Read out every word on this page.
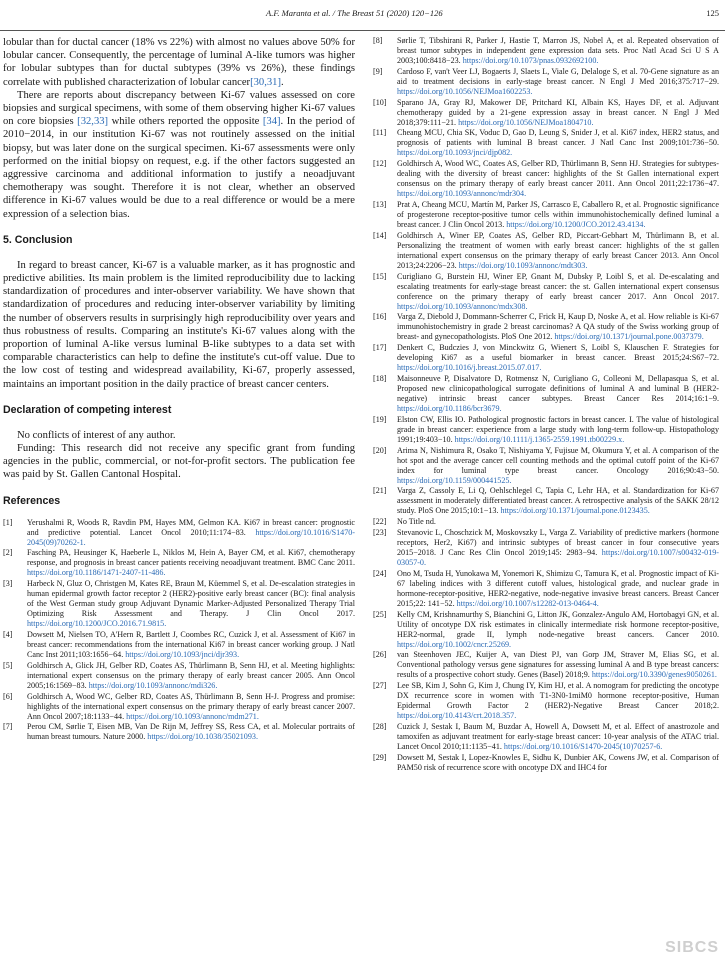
A.F. Maranta et al. / The Breast 51 (2020) 120−126	125

lobular than for ductal cancer (18% vs 22%) with almost no values above 50% for lobular cancer. Consequently, the percentage of luminal A-like tumors was higher for lobular subtypes than for ductal subtypes (39% vs 26%), these findings correlate with published characterization of lobular cancer[30,31].

There are reports about discrepancy between Ki-67 values assessed on core biopsies and surgical specimens, with some of them observing higher Ki-67 values on core biopsies [32,33] while others reported the opposite [34]. In the period of 2010−2014, in our institution Ki-67 was not routinely assessed on the initial biopsy, but was later done on the surgical specimen. Ki-67 assessments were only performed on the initial biopsy on request, e.g. if the other factors suggested an aggressive carcinoma and additional information to justify a neoadjuvant chemotherapy was sought. Therefore it is not clear, whether an observed difference in Ki-67 values would be due to a real difference or would be a mere expression of a selection bias.

5. Conclusion

In regard to breast cancer, Ki-67 is a valuable marker, as it has prognostic and predictive abilities. Its main problem is the limited reproducibility due to lacking standardization of procedures and inter-observer variability. We have shown that standardization of procedures and reducing inter-observer variability by limiting the number of observers results in surprisingly high reproducibility over years and thus robustness of results. Comparing an institute's Ki-67 values along with the proportion of luminal A-like versus luminal B-like subtypes to a data set with comparable characteristics can help to define the institute's cut-off value. Due to the low cost of testing and widespread availability, Ki-67, properly assessed, maintains an important position in the daily practice of breast cancer centers.

Declaration of competing interest

No conflicts of interest of any author.

Funding: This research did not receive any specific grant from funding agencies in the public, commercial, or not-for-profit sectors. The publication fee was paid by St. Gallen Cantonal Hospital.

References

[1]	Yerushalmi R, Woods R, Ravdin PM, Hayes MM, Gelmon KA. Ki67 in breast cancer: prognostic and predictive potential. Lancet Oncol 2010;11:174−83. https://doi.org/10.1016/S1470-2045(09)70262-1.
[2]	Fasching PA, Heusinger K, Haeberle L, Niklos M, Hein A, Bayer CM, et al. Ki67, chemotherapy response, and prognosis in breast cancer patients receiving neoadjuvant treatment. BMC Canc 2011. https://doi.org/10.1186/1471-2407-11-486.
[3]	Harbeck N, Gluz O, Christgen M, Kates RE, Braun M, Küemmel S, et al. De-escalation strategies in human epidermal growth factor receptor 2 (HER2)-positive early breast cancer (BC): final analysis of the West German study group Adjuvant Dynamic Marker-Adjusted Personalized Therapy Trial Optimizing Risk Assessment and Therapy. J Clin Oncol 2017. https://doi.org/10.1200/JCO.2016.71.9815.
[4]	Dowsett M, Nielsen TO, A'Hern R, Bartlett J, Coombes RC, Cuzick J, et al. Assessment of Ki67 in breast cancer: recommendations from the international Ki67 in breast cancer working group. J Natl Canc Inst 2011;103:1656−64. https://doi.org/10.1093/jnci/djr393.
[5]	Goldhirsch A, Glick JH, Gelber RD, Coates AS, Thürlimann B, Senn HJ, et al. Meeting highlights: international expert consensus on the primary therapy of early breast cancer 2005. Ann Oncol 2005;16:1569−83. https://doi.org/10.1093/annonc/mdi326.
[6]	Goldhirsch A, Wood WC, Gelber RD, Coates AS, Thürlimann B, Senn H-J. Progress and promise: highlights of the international expert consensus on the primary therapy of early breast cancer 2007. Ann Oncol 2007;18:1133−44. https://doi.org/10.1093/annonc/mdm271.
[7]	Perou CM, Sørlie T, Eisen MB, Van De Rijn M, Jeffrey SS, Ress CA, et al. Molecular portraits of human breast tumours. Nature 2000. https://doi.org/10.1038/35021093.
[8]	Sørlie T, Tibshirani R, Parker J, Hastie T, Marron JS, Nobel A, et al. Repeated observation of breast tumor subtypes in independent gene expression data sets. Proc Natl Acad Sci U S A 2003;100:8418−23. https://doi.org/10.1073/pnas.0932692100.
[9]	Cardoso F, van't Veer LJ, Bogaerts J, Slaets L, Viale G, Delaloge S, et al. 70-Gene signature as an aid to treatment decisions in early-stage breast cancer. N Engl J Med 2016;375:717−29. https://doi.org/10.1056/NEJMoa1602253.
[10]	Sparano JA, Gray RJ, Makower DF, Pritchard KI, Albain KS, Hayes DF, et al. Adjuvant chemotherapy guided by a 21-gene expression assay in breast cancer. N Engl J Med 2018;379:111−21. https://doi.org/10.1056/NEJMoa1804710.
[11]	Cheang MCU, Chia SK, Voduc D, Gao D, Leung S, Snider J, et al. Ki67 index, HER2 status, and prognosis of patients with luminal B breast cancer. J Natl Canc Inst 2009;101:736−50. https://doi.org/10.1093/jnci/djp082.
[12]	Goldhirsch A, Wood WC, Coates AS, Gelber RD, Thürlimann B, Senn HJ. Strategies for subtypes-dealing with the diversity of breast cancer: highlights of the St Gallen international expert consensus on the primary therapy of early breast cancer 2011. Ann Oncol 2011;22:1736−47. https://doi.org/10.1093/annonc/mdr304.
[13]	Prat A, Cheang MCU, Martín M, Parker JS, Carrasco E, Caballero R, et al. Prognostic significance of progesterone receptor-positive tumor cells within immunohistochemically defined luminal a breast cancer. J Clin Oncol 2013. https://doi.org/10.1200/JCO.2012.43.4134.
[14]	Goldhirsch A, Winer EP, Coates AS, Gelber RD, Piccart-Gebhart M, Thürlimann B, et al. Personalizing the treatment of women with early breast cancer: highlights of the st gallen international expert consensus on the primary therapy of early breast Cancer 2013. Ann Oncol 2013;24:2206−23. https://doi.org/10.1093/annonc/mdt303.
[15]	Curigliano G, Burstein HJ, Winer EP, Gnant M, Dubsky P, Loibl S, et al. De-escalating and escalating treatments for early-stage breast cancer: the st. Gallen international expert consensus conference on the primary therapy of early breast cancer 2017. Ann Oncol 2017. https://doi.org/10.1093/annonc/mdx308.
[16]	Varga Z, Diebold J, Dommann-Scherrer C, Frick H, Kaup D, Noske A, et al. How reliable is Ki-67 immunohistochemistry in grade 2 breast carcinomas? A QA study of the Swiss working group of breast- and gynecopathologists. PloS One 2012. https://doi.org/10.1371/journal.pone.0037379.
[17]	Denkert C, Budczies J, von Minckwitz G, Wienert S, Loibl S, Klauschen F. Strategies for developing Ki67 as a useful biomarker in breast cancer. Breast 2015;24:S67−72. https://doi.org/10.1016/j.breast.2015.07.017.
[18]	Maisonneuve P, Disalvatore D, Rotmensz N, Curigliano G, Colleoni M, Dellapasqua S, et al. Proposed new clinicopathological surrogate definitions of luminal A and luminal B (HER2-negative) intrinsic breast cancer subtypes. Breast Cancer Res 2014;16:1−9. https://doi.org/10.1186/bcr3679.
[19]	Elston CW, Ellis IO. Pathological prognostic factors in breast cancer. I. The value of histological grade in breast cancer: experience from a large study with long-term follow-up. Histopathology 1991;19:403−10. https://doi.org/10.1111/j.1365-2559.1991.tb00229.x.
[20]	Arima N, Nishimura R, Osako T, Nishiyama Y, Fujisue M, Okumura Y, et al. A comparison of the hot spot and the average cancer cell counting methods and the optimal cutoff point of the Ki-67 index for luminal type breast cancer. Oncology 2016;90:43−50. https://doi.org/10.1159/000441525.
[21]	Varga Z, Cassoly E, Li Q, Oehlschlegel C, Tapia C, Lehr HA, et al. Standardization for Ki-67 assessment in moderately differentiated breast cancer. A retrospective analysis of the SAKK 28/12 study. PloS One 2015;10:1−13. https://doi.org/10.1371/journal.pone.0123435.
[22]	No Title nd.
[23]	Stevanovic L, Choschzick M, Moskovszky L, Varga Z. Variability of predictive markers (hormone receptors, Her2, Ki67) and intrinsic subtypes of breast cancer in four consecutive years 2015−2018. J Canc Res Clin Oncol 2019;145: 2983−94. https://doi.org/10.1007/s00432-019-03057-0.
[24]	Ono M, Tsuda H, Yunokawa M, Yonemori K, Shimizu C, Tamura K, et al. Prognostic impact of Ki-67 labeling indices with 3 different cutoff values, histological grade, and nuclear grade in hormone-receptor-positive, HER2-negative, node-negative invasive breast cancers. Breast Cancer 2015;22: 141−52. https://doi.org/10.1007/s12282-013-0464-4.
[25]	Kelly CM, Krishnamurthy S, Bianchini G, Litton JK, Gonzalez-Angulo AM, Hortobagyi GN, et al. Utility of oncotype DX risk estimates in clinically intermediate risk hormone receptor-positive, HER2-normal, grade II, lymph node-negative breast cancers. Cancer 2010. https://doi.org/10.1002/cncr.25269.
[26]	van Steenhoven JEC, Kuijer A, van Diest PJ, van Gorp JM, Straver M, Elias SG, et al. Conventional pathology versus gene signatures for assessing luminal A and B type breast cancers: results of a prospective cohort study. Genes (Basel) 2018;9. https://doi.org/10.3390/genes9050261.
[27]	Lee SB, Kim J, Sohn G, Kim J, Chung IY, Kim HJ, et al. A nomogram for predicting the oncotype DX recurrence score in women with T1-3N0-1miM0 hormone receptor-positive, Human Epidermal Growth Factor 2 (HER2)-Negative Breast Cancer 2018;2. https://doi.org/10.4143/crt.2018.357.
[28]	Cuzick J, Sestak I, Baum M, Buzdar A, Howell A, Dowsett M, et al. Effect of anastrozole and tamoxifen as adjuvant treatment for early-stage breast cancer: 10-year analysis of the ATAC trial. Lancet Oncol 2010;11:1135−41. https://doi.org/10.1016/S1470-2045(10)70257-6.
[29]	Dowsett M, Sestak I, Lopez-Knowles E, Sidhu K, Dunbier AK, Cowens JW, et al. Comparison of PAM50 risk of recurrence score with oncotype DX and IHC4 for
SIBCS
